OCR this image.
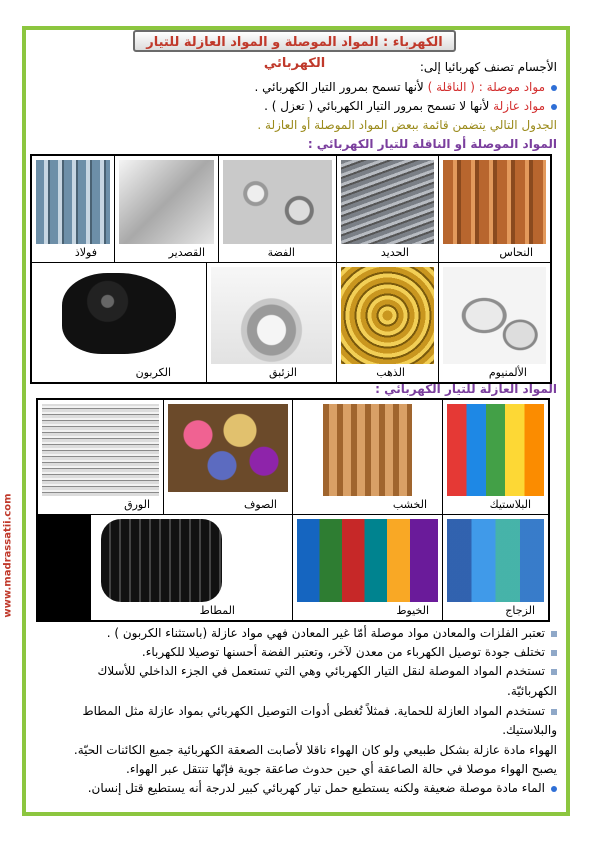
الكهرباء : المواد الموصلة و المواد العازلة للتيار الكهربائي	الأجسام تصنف كهربائيا إلى:
مواد موصلة : ( الناقلة ) لأنها تسمح بمرور التيار الكهربائي .
مواد عازلة لأنها لا تسمح بمرور التيار الكهربائي ( تعزل ) .
الجدول التالي يتضمن قائمة ببعض المواد الموصلة أو العازلة .
المواد الموصلة أو الناقلة للتيار الكهربائي :
النحاس
الحديد
الفضة
القصدير
فولاذ
الألمنيوم
الذهب
الزئبق
الكربون
المواد العازلة للتيار الكهربائي :
البلاستيك
الخشب
الصوف
الورق
الزجاج
الخيوط
المطاط
www.madrassatii.com
تعتبر الفلزات والمعادن مواد موصلة أمّا غير المعادن فهي مواد عازلة (باستثناء الكربون ) .
تختلف جودة توصيل الكهرباء من معدن لآخر، وتعتبر الفضة أحسنها توصيلا للكهرباء.
تستخدم المواد الموصلة لنقل التيار الكهربائي وهي التي تستعمل في الجزء الداخلي للأسلاك
الكهربائيّة.
تستخدم المواد العازلة للحماية. فمثلاً تُغطى أدوات التوصيل الكهربائي بمواد عازلة مثل المطاط
والبلاستيك.
الهواء مادة عازلة بشكل طبيعي ولو كان الهواء ناقلا لأصابت الصعقة الكهربائية جميع الكائنات الحيّة.
يصبح الهواء موصلا في حالة الصاعقة أي حين حدوث صاعقة جوية فإنّها تنتقل عبر الهواء.
الماء مادة موصلة ضعيفة ولكنه يستطيع حمل تيار كهربائي كبير لدرجة أنه يستطيع قتل إنسان.
